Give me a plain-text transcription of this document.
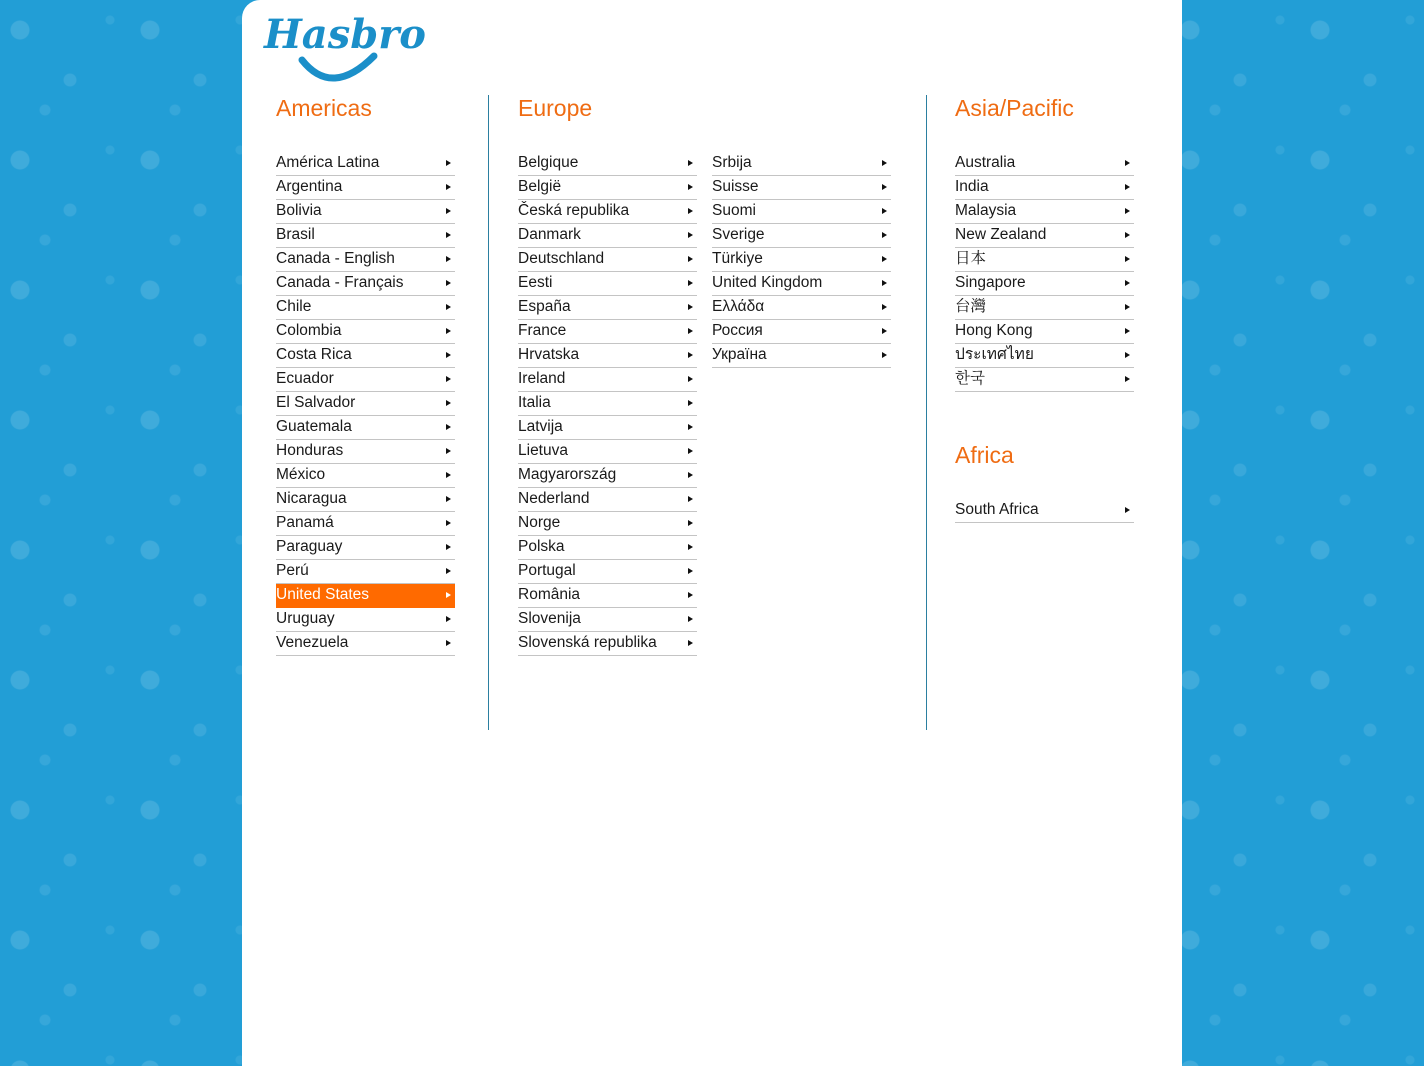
Hasbro
Americas
América Latina
Argentina
Bolivia
Brasil
Canada - English
Canada - Français
Chile
Colombia
Costa Rica
Ecuador
El Salvador
Guatemala
Honduras
México
Nicaragua
Panamá
Paraguay
Perú
United States
Uruguay
Venezuela
Europe
Belgique
België
Česká republika
Danmark
Deutschland
Eesti
España
France
Hrvatska
Ireland
Italia
Latvija
Lietuva
Magyarország
Nederland
Norge
Polska
Portugal
România
Slovenija
Slovenská republika
Srbija
Suisse
Suomi
Sverige
Türkiye
United Kingdom
Ελλάδα
Россия
Україна
Asia/Pacific
Australia
India
Malaysia
New Zealand
日本
Singapore
台灣
Hong Kong
ประเทศไทย
한국
Africa
South Africa
